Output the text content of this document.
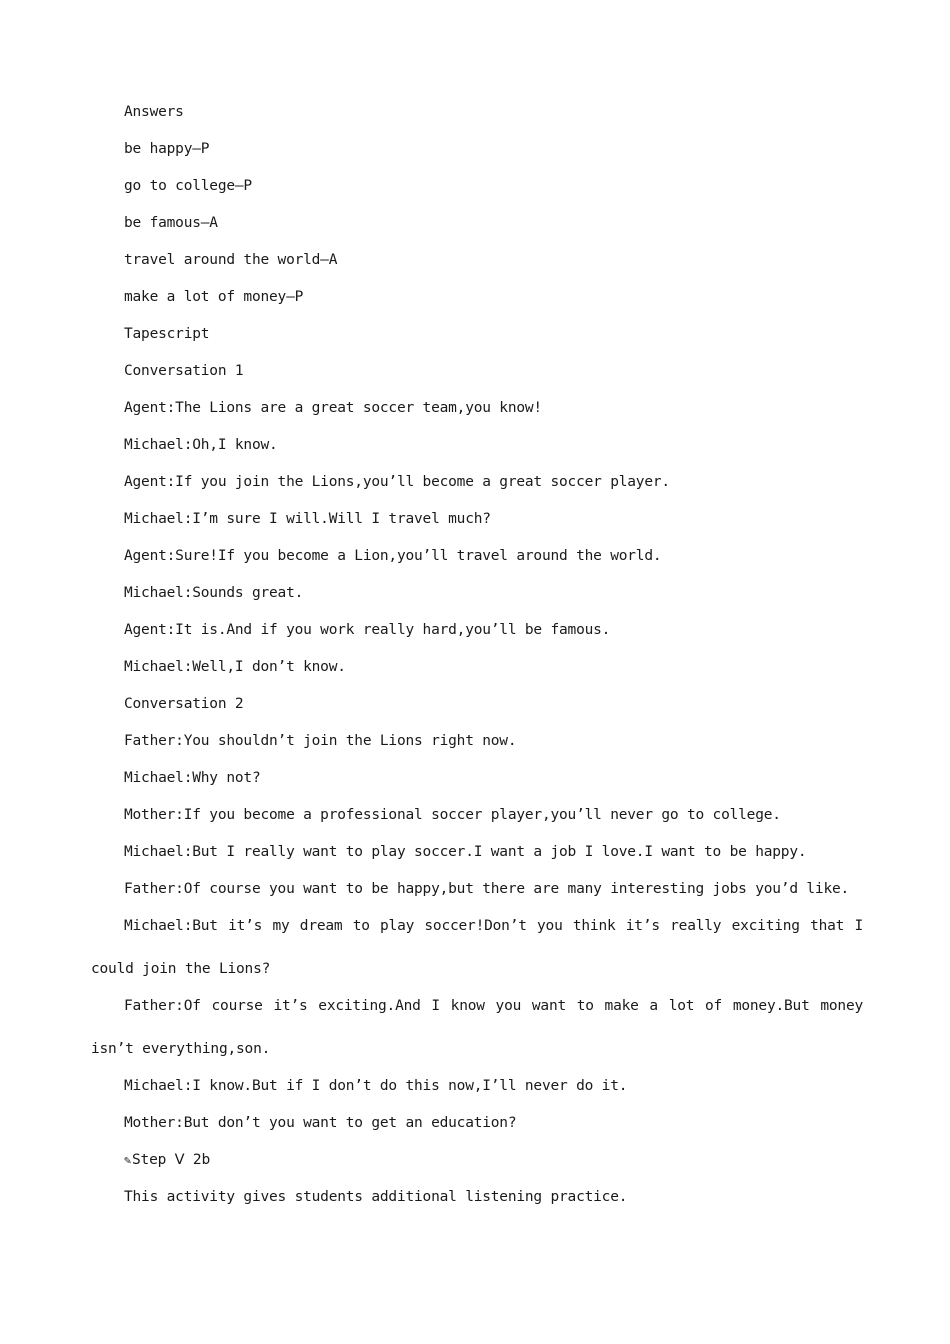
Answers
be happy—P
go to college—P
be famous—A
travel around the world—A
make a lot of money—P
Tapescript
Conversation 1
Agent:The Lions are a great soccer team,you know!
Michael:Oh,I know.
Agent:If you join the Lions,you’ll become a great soccer player.
Michael:I’m sure I will.Will I travel much?
Agent:Sure!If you become a Lion,you’ll travel around the world.
Michael:Sounds great.
Agent:It is.And if you work really hard,you’ll be famous.
Michael:Well,I don’t know.
Conversation 2
Father:You shouldn’t join the Lions right now.
Michael:Why not?
Mother:If you become a professional soccer player,you’ll never go to college.
Michael:But I really want to play soccer.I want a job I love.I want to be happy.
Father:Of course you want to be happy,but there are many interesting jobs you’d like.
Michael:But it’s my dream to play soccer!Don’t you think it’s really exciting that I
could join the Lions?
Father:Of course it’s exciting.And I know you want to make a lot of money.But money
isn’t everything,son.
Michael:I know.But if I don’t do this now,I’ll never do it.
Mother:But don’t you want to get an education?
✎Step Ⅴ 2b
This activity gives students additional listening practice.
